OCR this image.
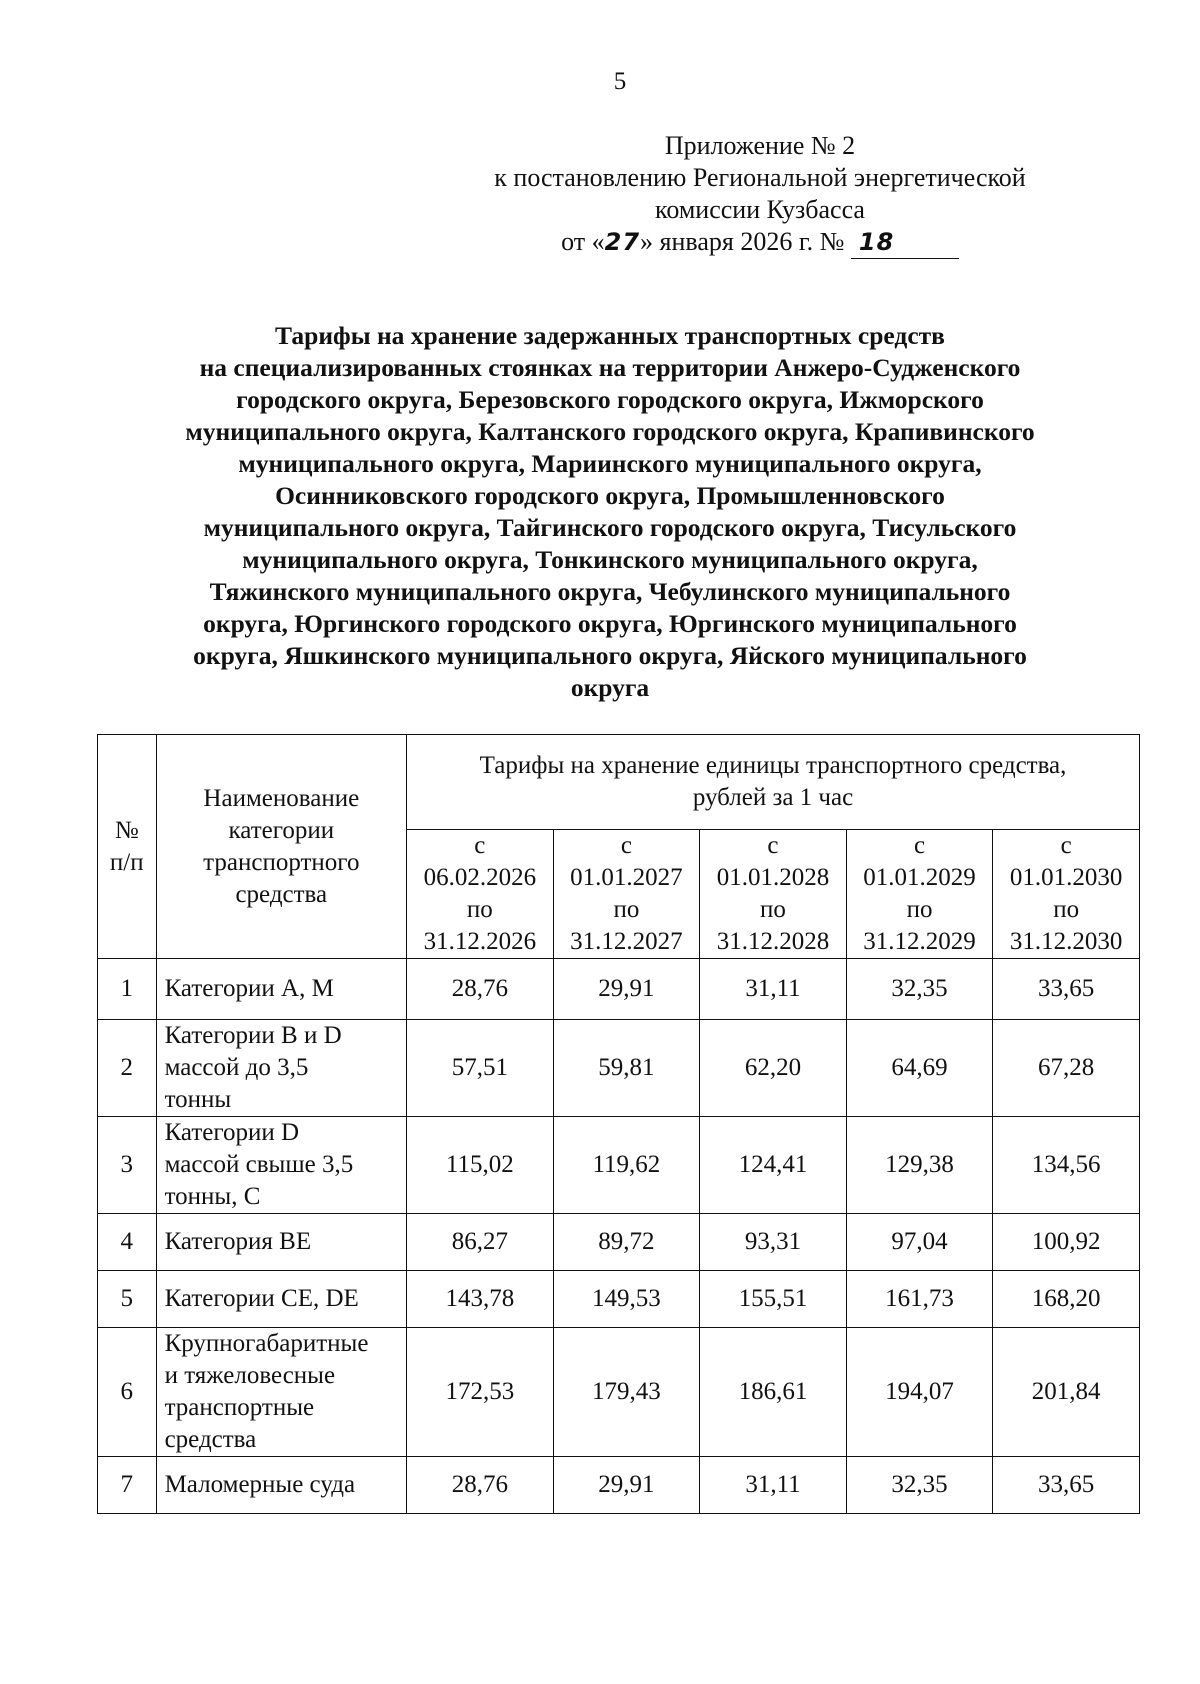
5
Приложение № 2
к постановлению Региональной энергетической
комиссии Кузбасса
от «27» января 2026 г. № 18
Тарифы на хранение задержанных транспортных средств
на специализированных стоянках на территории Анжеро-Судженского
городского округа, Березовского городского округа, Ижморского
муниципального округа, Калтанского городского округа, Крапивинского
муниципального округа, Мариинского муниципального округа,
Осинниковского городского округа, Промышленновского
муниципального округа, Тайгинского городского округа, Тисульского
муниципального округа, Тонкинского муниципального округа,
Тяжинского муниципального округа, Чебулинского муниципального
округа, Юргинского городского округа, Юргинского муниципального
округа, Яшкинского муниципального округа, Яйского муниципального
округа
№
п/п	Наименование
категории
транспортного
средства	Тарифы на хранение единицы транспортного средства,
рублей за 1 час				

		с
06.02.2026
по
31.12.2026	с
01.01.2027
по
31.12.2027	с
01.01.2028
по
31.12.2028	с
01.01.2029
по
31.12.2029	с
01.01.2030
по
31.12.2030

1	Категории A, M	28,76	29,91	31,11	32,35	33,65
2	Категории B и D
массой до 3,5
тонны	57,51	59,81	62,20	64,69	67,28
3	Категории D
массой свыше 3,5
тонны, C	115,02	119,62	124,41	129,38	134,56
4	Категория BE	86,27	89,72	93,31	97,04	100,92
5	Категории CE, DE	143,78	149,53	155,51	161,73	168,20
6	Крупногабаритные
и тяжеловесные
транспортные
средства	172,53	179,43	186,61	194,07	201,84
7	Маломерные суда	28,76	29,91	31,11	32,35	33,65
